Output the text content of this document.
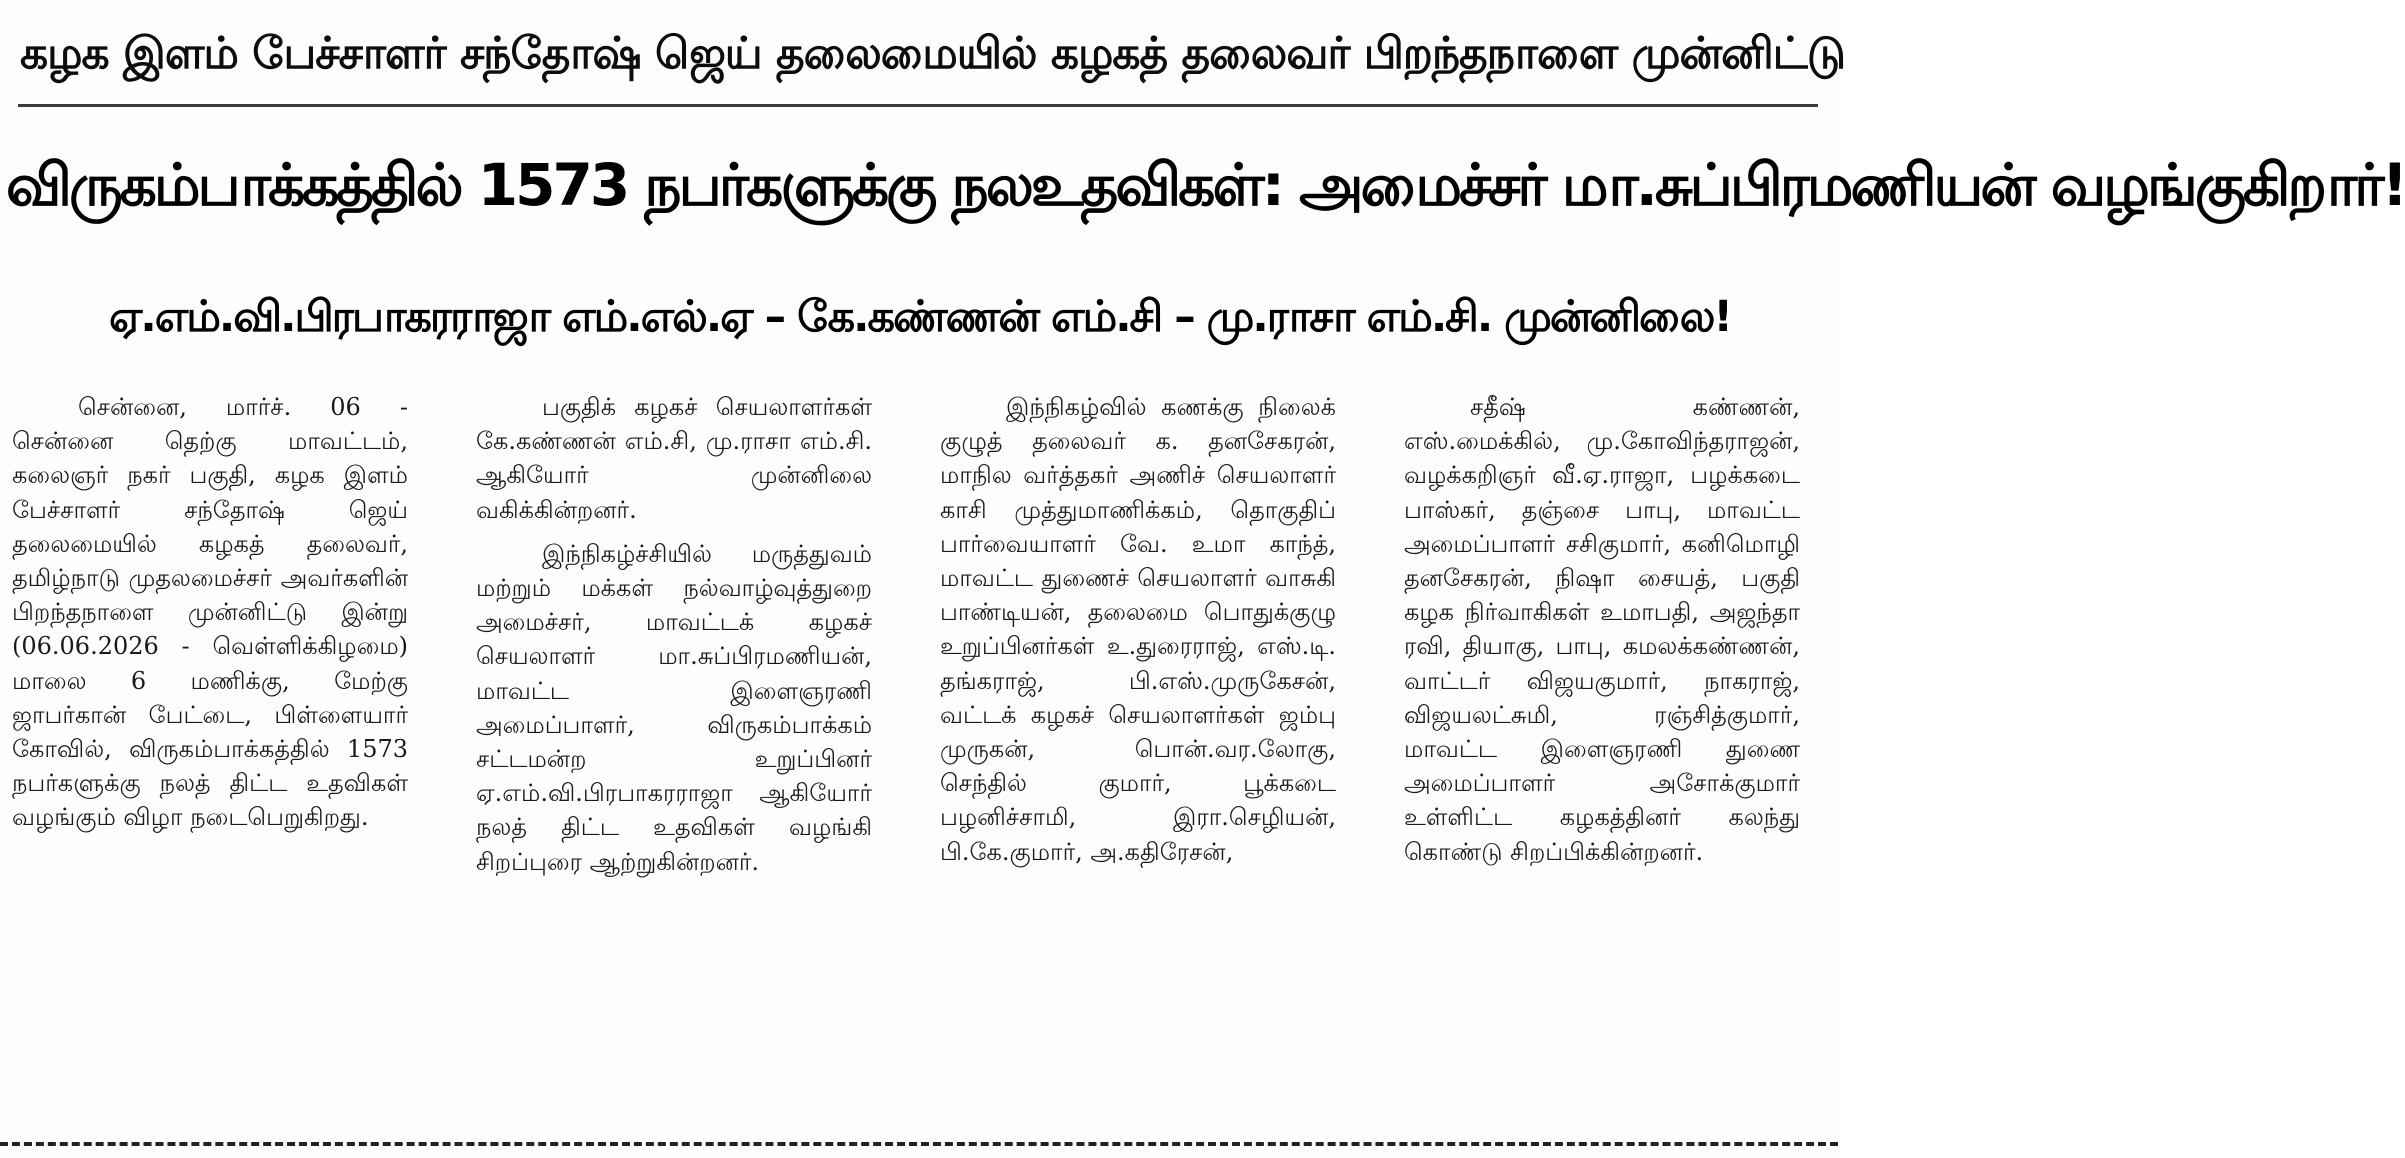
கழக இளம் பேச்சாளர் சந்தோஷ் ஜெய் தலைமையில் கழகத் தலைவர் பிறந்தநாளை முன்னிட்டு
விருகம்பாக்கத்தில் 1573 நபர்களுக்கு நலஉதவிகள்: அமைச்சர் மா.சுப்பிரமணியன் வழங்குகிறார்!
ஏ.எம்.வி.பிரபாகரராஜா எம்.எல்.ஏ – கே.கண்ணன் எம்.சி – மு.ராசா எம்.சி. முன்னிலை!

சென்னை, மார்ச். 06 - சென்னை தெற்கு மாவட்டம், கலைஞர் நகர் பகுதி, கழக இளம் பேச்சாளர் சந்தோஷ் ஜெய் தலைமையில் கழகத் தலைவர், தமிழ்நாடு முதலமைச்சர் அவர்களின் பிறந்தநாளை முன்னிட்டு இன்று (06.06.2026 - வெள்ளிக்கிழமை) மாலை 6 மணிக்கு, மேற்கு ஜாபர்கான் பேட்டை, பிள்ளையார் கோவில், விருகம்பாக்கத்தில் 1573 நபர்களுக்கு நலத் திட்ட உதவிகள் வழங்கும் விழா நடைபெறுகிறது.

பகுதிக் கழகச் செயலாளர்கள் கே.கண்ணன் எம்.சி, மு.ராசா எம்.சி. ஆகியோர் முன்னிலை வகிக்கின்றனர்.

இந்நிகழ்ச்சியில் மருத்துவம் மற்றும் மக்கள் நல்வாழ்வுத்துறை அமைச்சர், மாவட்டக் கழகச் செயலாளர் மா.சுப்பிரமணியன், மாவட்ட இளைஞரணி அமைப்பாளர், விருகம்பாக்கம் சட்டமன்ற உறுப்பினர் ஏ.எம்.வி.பிரபாகரராஜா ஆகியோர் நலத் திட்ட உதவிகள் வழங்கி சிறப்புரை ஆற்றுகின்றனர்.

இந்நிகழ்வில் கணக்கு நிலைக் குழுத் தலைவர் க. தனசேகரன், மாநில வர்த்தகர் அணிச் செயலாளர் காசி முத்துமாணிக்கம், தொகுதிப் பார்வையாளர் வே. உமா காந்த், மாவட்ட துணைச் செயலாளர் வாசுகி பாண்டியன், தலைமை பொதுக்குழு உறுப்பினர்கள் உ.துரைராஜ், எஸ்.டி. தங்கராஜ், பி.எஸ்.முருகேசன், வட்டக் கழகச் செயலாளர்கள் ஜம்பு முருகன், பொன்.வர.லோகு, செந்தில் குமார், பூக்கடை பழனிச்சாமி, இரா.செழியன், பி.கே.குமார், அ.கதிரேசன்,

சதீஷ் கண்ணன், எஸ்.மைக்கில், மு.கோவிந்தராஜன், வழக்கறிஞர் வீ.ஏ.ராஜா, பழக்கடை பாஸ்கர், தஞ்சை பாபு, மாவட்ட அமைப்பாளர் சசிகுமார், கனிமொழி தனசேகரன், நிஷா சையத், பகுதி கழக நிர்வாகிகள் உமாபதி, அஜந்தா ரவி, தியாகு, பாபு, கமலக்கண்ணன், வாட்டர் விஜயகுமார், நாகராஜ், விஜயலட்சுமி, ரஞ்சித்குமார், மாவட்ட இளைஞரணி துணை அமைப்பாளர் அசோக்குமார் உள்ளிட்ட கழகத்தினர் கலந்து கொண்டு சிறப்பிக்கின்றனர்.
